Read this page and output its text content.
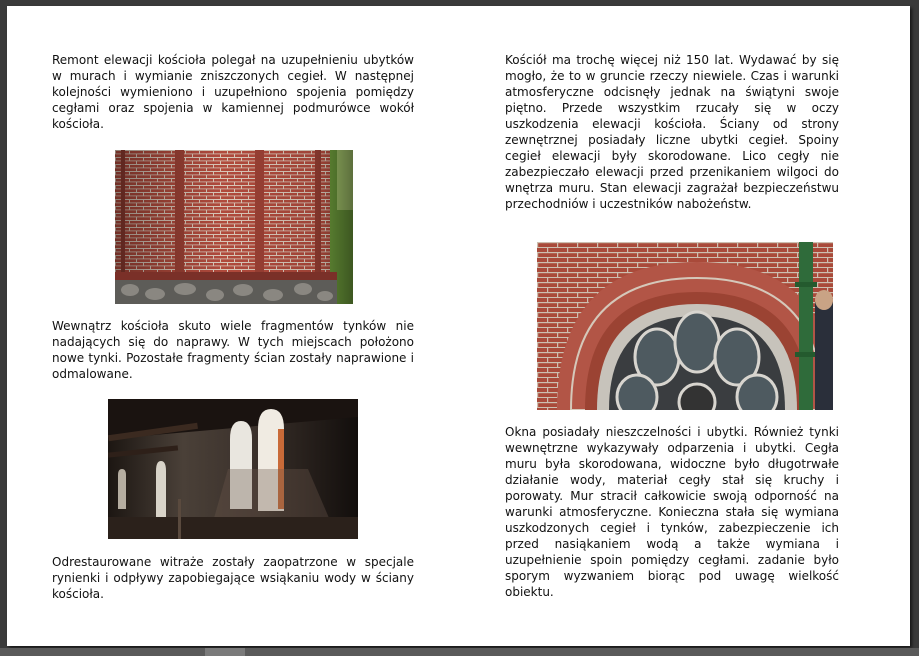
Remont elewacji kościoła polegał na uzupełnieniu ubytków w murach i wymianie zniszczonych cegieł. W następnej kolejności wymieniono i uzupełniono spojenia pomiędzy cegłami oraz spojenia w kamiennej podmurówce wokół kościoła.

Wewnątrz kościoła skuto wiele fragmentów tynków nie nadających się do naprawy. W tych miejscach położono nowe tynki. Pozostałe fragmenty ścian zostały naprawione i odmalowane.

Odrestaurowane witraże zostały zaopatrzone w specjale rynienki i odpływy zapobiegające wsiąkaniu wody w ściany kościoła.

Kościół ma trochę więcej niż 150 lat. Wydawać by się mogło, że to w gruncie rzeczy niewiele. Czas i warunki atmosferyczne odcisnęły jednak na świątyni swoje piętno. Przede wszystkim rzucały się w oczy uszkodzenia elewacji kościoła. Ściany od strony zewnętrznej posiadały liczne ubytki cegieł. Spoiny cegieł elewacji były skorodowane. Lico cegły nie zabezpieczało elewacji przed przenikaniem wilgoci do wnętrza muru. Stan elewacji zagrażał bezpieczeństwu przechodniów i uczestników nabożeństw.

Okna posiadały nieszczelności i ubytki. Również tynki wewnętrzne wykazywały odparzenia i ubytki. Cegła muru była skorodowana, widoczne było długotrwałe działanie wody, materiał cegły stał się kruchy i porowaty. Mur stracił całkowicie swoją odporność na warunki atmosferyczne. Konieczna stała się wymiana uszkodzonych cegieł i tynków, zabezpieczenie ich przed nasiąkaniem wodą a także wymiana i uzupełnienie spoin pomiędzy cegłami. zadanie było sporym wyzwaniem biorąc pod uwagę wielkość obiektu.
